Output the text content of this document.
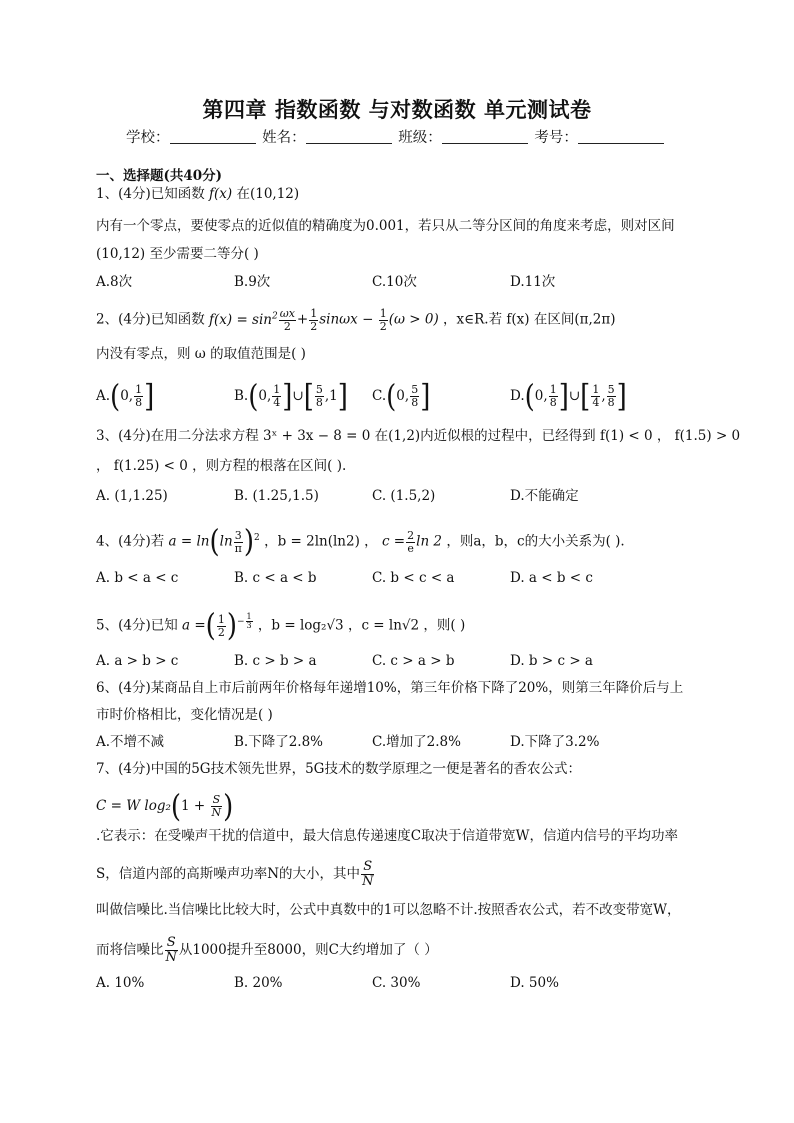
第四章 指数函数 与对数函数 单元测试卷
学校：	姓名：	班级：	考号：
一、选择题(共40分)
1、(4分)已知函数 f(x) 在(10,12)
内有一个零点，要使零点的近似值的精确度为0.001，若只从二等分区间的角度来考虑，则对区间
(10,12) 至少需要二等分( )
A.8次	B.9次	C.10次	D.11次
2、(4分)已知函数 $f(x) = \sin^2 \frac{\omega x}{2} + \frac{1}{2}$ $\sin\omega x - \frac{1}{2} (\omega > 0)$ ，x∈R.若 f(x) 在区间(π,2π)
内没有零点，则 ω 的取值范围是( )
A.(0, $\frac{1}{8}$ ]	B.(0, $\frac{1}{4}$ ]∪[ $\frac{5}{8} ,1$] C.(0, $\frac{5}{8}$ ]	D.(0, $\frac{1}{8}$ ]∪[ $\frac{1}{4}$ , $\frac{5}{8}$ ]
3、(4分)在用二分法求方程 3ˣ + 3x − 8 = 0 在(1,2)内近似根的过程中，已经得到 f(1) < 0 ， f(1.5) > 0
， f(1.25) < 0 ，则方程的根落在区间( ).
A. (1,1.25)	B. (1.25,1.5)	C. (1.5,2)	D.不能确定
4、(4分)若 $a = \ln(\ln \frac{3}{\pi} )^2$ ，b = 2ln(ln2) ， $c = \frac{2}{e}$ ln 2 ，则a，b，c的大小关系为( ).
A. b < a < c	B. c < a < b	C. b < c < a	D. a < b < c
5、(4分)已知 a =( $\frac{1}{2} )^{- \frac{1}{3}}$ ，b = log₂√3 ，c = ln√2 ，则( )
A. a > b > c	B. c > b > a	C. c > a > b	D. b > c > a
6、(4分)某商品自上市后前两年价格每年递增10%，第三年价格下降了20%，则第三年降价后与上
市时价格相比，变化情况是( )
A.不增不减	B.下降了2.8%	C.增加了2.8%	D.下降了3.2%
7、(4分)中国的5G技术领先世界，5G技术的数学原理之一便是著名的香农公式：
C = W $\log_2(1 + \frac{S}{N}$ )
.它表示：在受噪声干扰的信道中，最大信息传递速度C取决于信道带宽W，信道内信号的平均功率
S，信道内部的高斯噪声功率N的大小，其中 $\frac{S}{N}$
叫做信噪比.当信噪比比较大时，公式中真数中的1可以忽略不计.按照香农公式，若不改变带宽W，
而将信噪比 $\frac{S}{N}$ 从1000提升至8000，则C大约增加了（ ）
A. 10%	B. 20%	C. 30%	D. 50%
